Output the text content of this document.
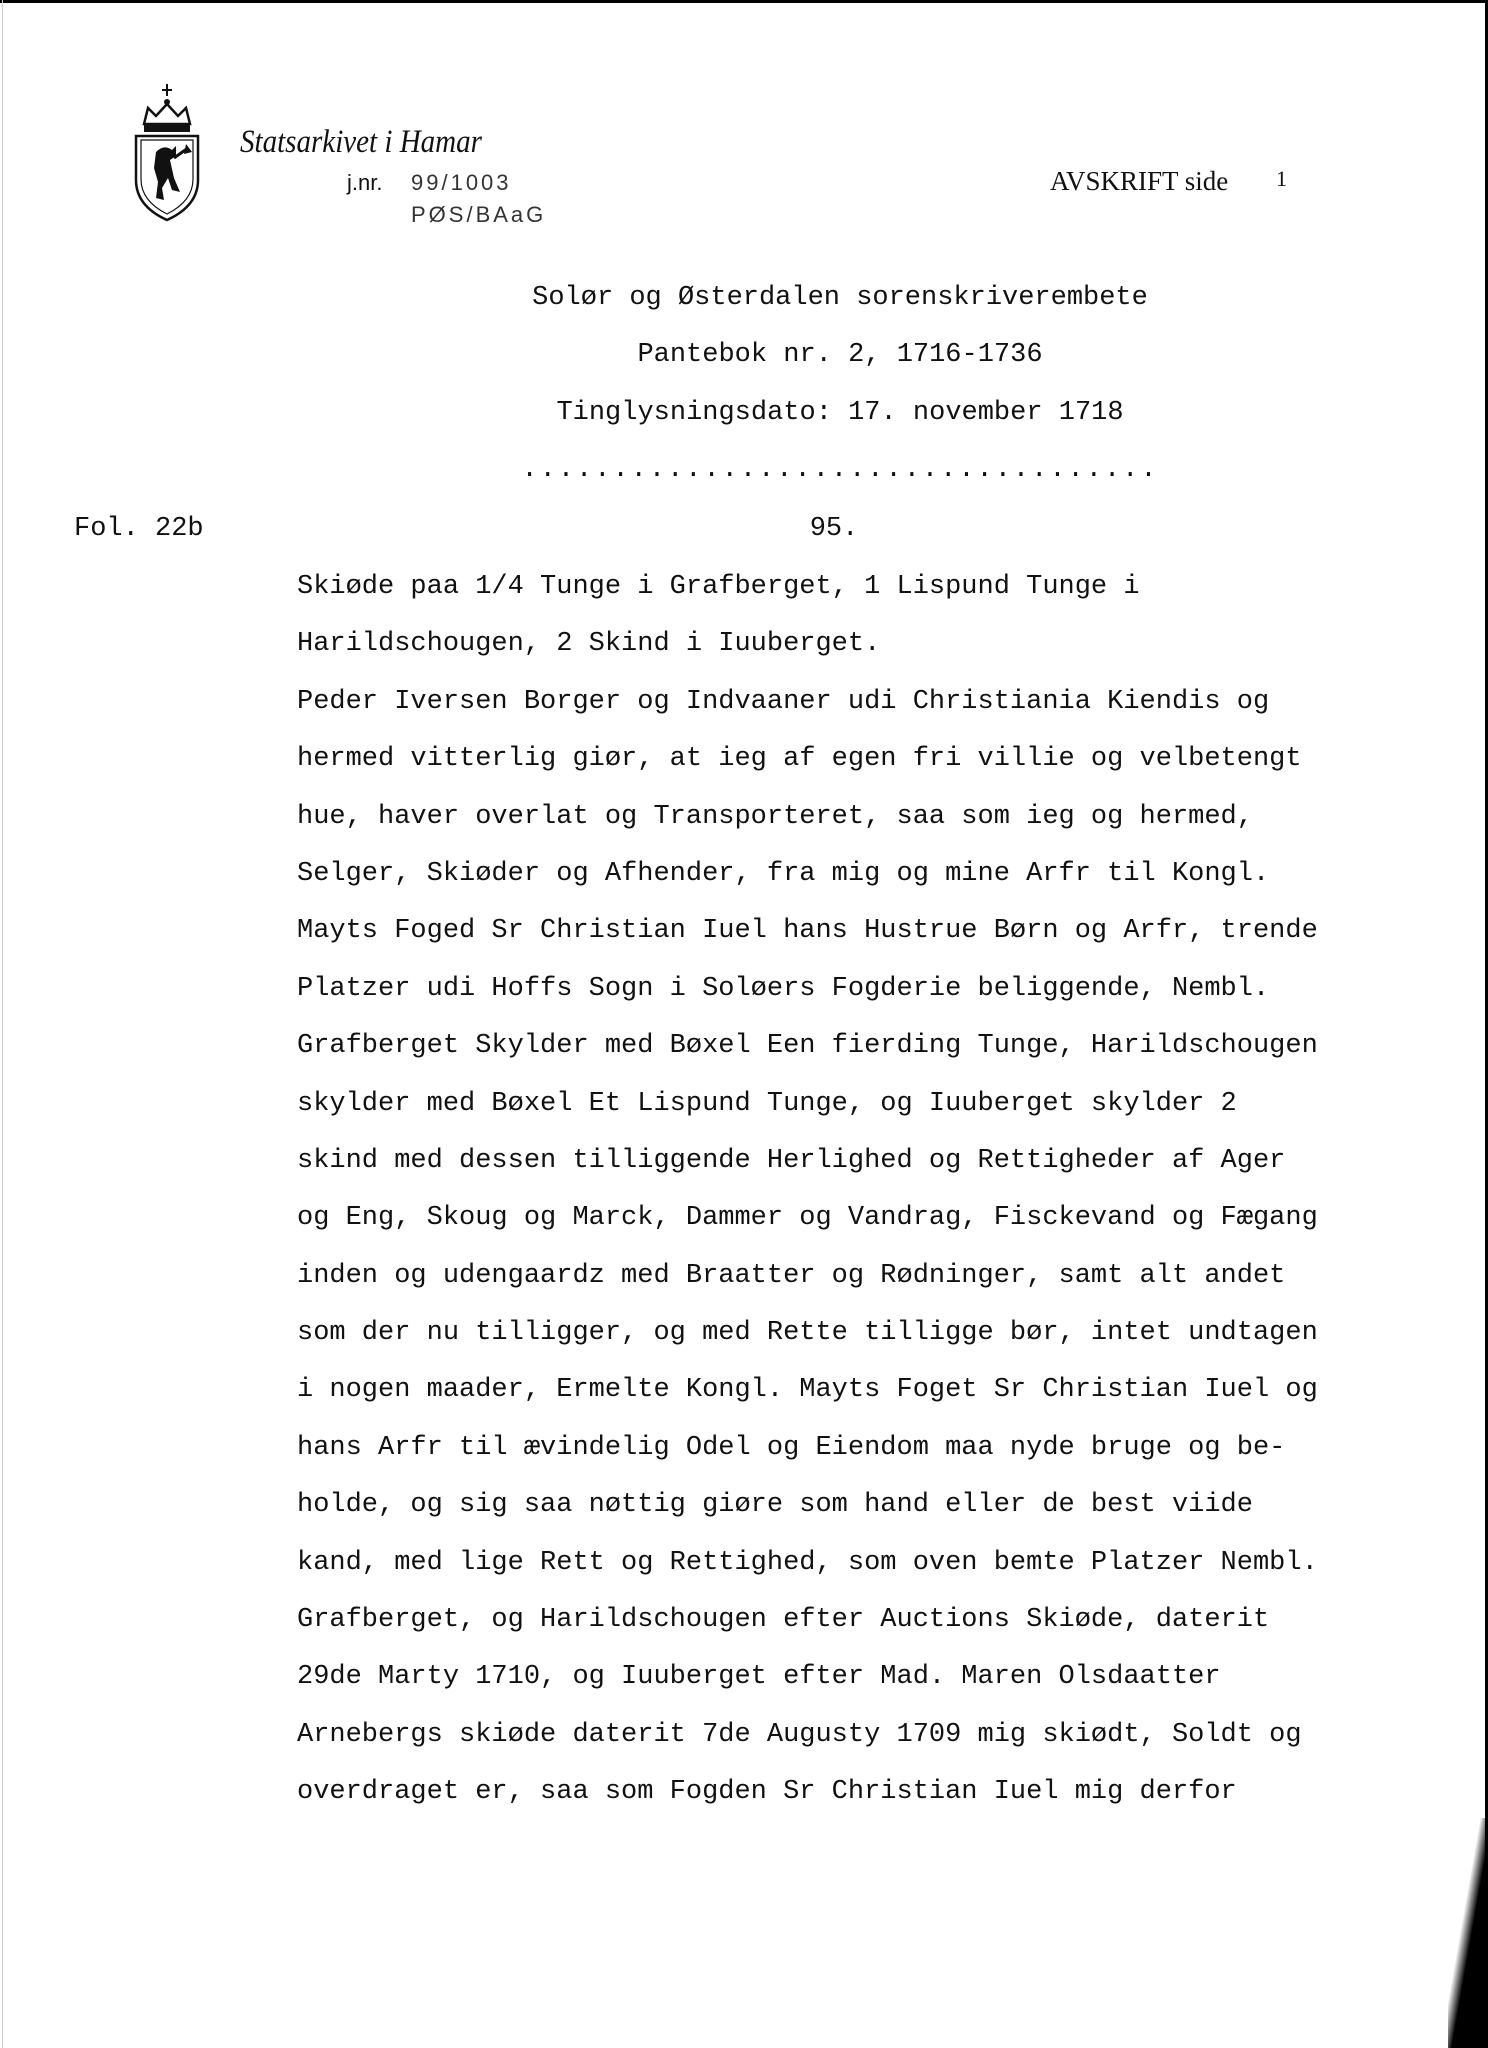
Statsarkivet i Hamar
j.nr. 99/1003
PØS/BAaG
AVSKRIFT side 1
Solør og Østerdalen sorenskriverembete
Pantebok nr. 2, 1716-1736
Tinglysningsdato: 17. november 1718
...................................
Fol. 22b	95.
Skiøde paa 1/4 Tunge i Grafberget, 1 Lispund Tunge i
Harildschougen, 2 Skind i Iuuberget.
Peder Iversen Borger og Indvaaner udi Christiania Kiendis og
hermed vitterlig giør, at ieg af egen fri villie og velbetengt
hue, haver overlat og Transporteret, saa som ieg og hermed,
Selger, Skiøder og Afhender, fra mig og mine Arfr til Kongl.
Mayts Foged Sr Christian Iuel hans Hustrue Børn og Arfr, trende
Platzer udi Hoffs Sogn i Soløers Fogderie beliggende, Nembl.
Grafberget Skylder med Bøxel Een fierding Tunge, Harildschougen
skylder med Bøxel Et Lispund Tunge, og Iuuberget skylder 2
skind med dessen tilliggende Herlighed og Rettigheder af Ager
og Eng, Skoug og Marck, Dammer og Vandrag, Fisckevand og Fægang
inden og udengaardz med Braatter og Rødninger, samt alt andet
som der nu tilligger, og med Rette tilligge bør, intet undtagen
i nogen maader, Ermelte Kongl. Mayts Foget Sr Christian Iuel og
hans Arfr til ævindelig Odel og Eiendom maa nyde bruge og be-
holde, og sig saa nøttig giøre som hand eller de best viide
kand, med lige Rett og Rettighed, som oven bemte Platzer Nembl.
Grafberget, og Harildschougen efter Auctions Skiøde, daterit
29de Marty 1710, og Iuuberget efter Mad. Maren Olsdaatter
Arnebergs skiøde daterit 7de Augusty 1709 mig skiødt, Soldt og
overdraget er, saa som Fogden Sr Christian Iuel mig derfor
